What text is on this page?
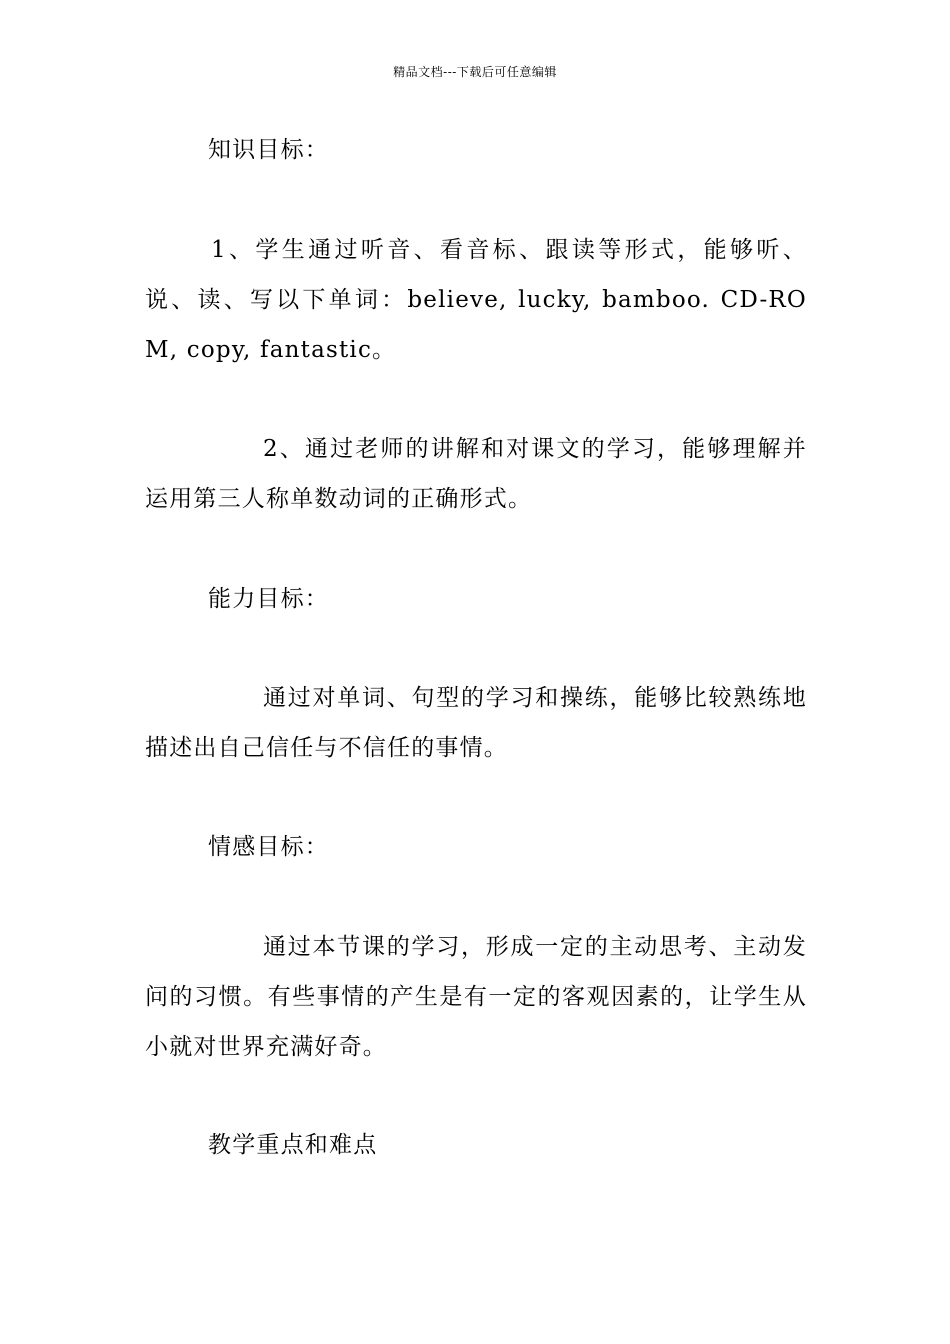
精品文档---下载后可任意编辑
知识目标：
1、学生通过听音、看音标、跟读等形式，能够听、说、读、写以下单词：believe, lucky, bamboo. CD-ROM, copy, fantastic。
2、通过老师的讲解和对课文的学习，能够理解并运用第三人称单数动词的正确形式。
能力目标：
通过对单词、句型的学习和操练，能够比较熟练地描述出自己信任与不信任的事情。
情感目标：
通过本节课的学习，形成一定的主动思考、主动发问的习惯。有些事情的产生是有一定的客观因素的，让学生从小就对世界充满好奇。
教学重点和难点
